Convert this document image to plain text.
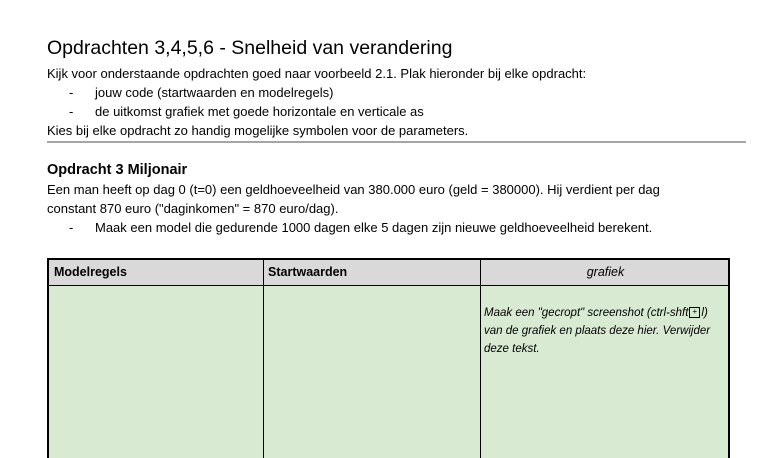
Opdrachten 3,4,5,6 - Snelheid van verandering
Kijk voor onderstaande opdrachten goed naar voorbeeld 2.1. Plak hieronder bij elke opdracht:
- jouw code (startwaarden en modelregels)
- de uitkomst grafiek met goede horizontale en verticale as
Kies bij elke opdracht zo handig mogelijke symbolen voor de parameters.
Opdracht 3 Miljonair
Een man heeft op dag 0 (t=0) een geldhoeveelheid van 380.000 euro (geld = 380000). Hij verdient per dag
constant 870 euro ("daginkomen" = 870 euro/dag).
- Maak een model die gedurende 1000 dagen elke 5 dagen zijn nieuwe geldhoeveelheid berekent.
Modelregels	Startwaarden	grafiek
Maak een "gecropt" screenshot (ctrl-shft + l) van de grafiek en plaats deze hier. Verwijder deze tekst.
